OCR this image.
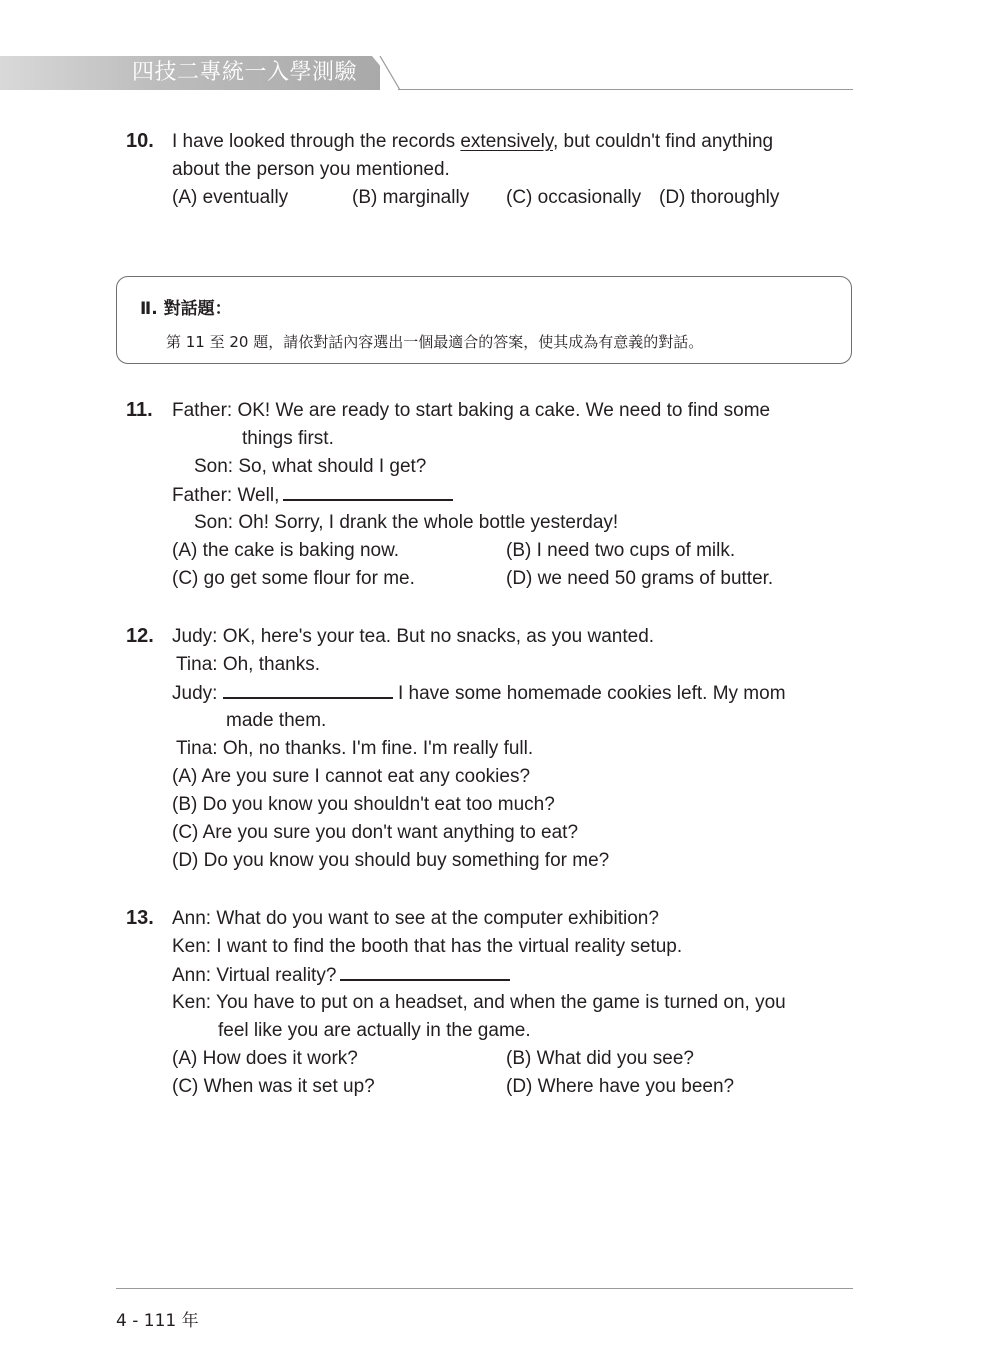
四技二專統一入學測驗
10. I have looked through the records extensively, but couldn't find anything
about the person you mentioned.
(A) eventually	(B) marginally (C) occasionally (D) thoroughly
Ⅱ. 對話題：
第 11 至 20 題，請依對話內容選出一個最適合的答案，使其成為有意義的對話。
11. Father: OK! We are ready to start baking a cake. We need to find some
things first.
Son: So, what should I get?
Father: Well,
Son: Oh! Sorry, I drank the whole bottle yesterday!
(A) the cake is baking now.	(B) I need two cups of milk.
(C) go get some flour for me.	(D) we need 50 grams of butter.
12. Judy: OK, here's your tea. But no snacks, as you wanted.
Tina: Oh, thanks.
Judy:	I have some homemade cookies left. My mom
made them.
Tina: Oh, no thanks. I'm fine. I'm really full.
(A) Are you sure I cannot eat any cookies?
(B) Do you know you shouldn't eat too much?
(C) Are you sure you don't want anything to eat?
(D) Do you know you should buy something for me?
13. Ann: What do you want to see at the computer exhibition?
Ken: I want to find the booth that has the virtual reality setup.
Ann: Virtual reality?
Ken: You have to put on a headset, and when the game is turned on, you
feel like you are actually in the game.
(A) How does it work?	(B) What did you see?
(C) When was it set up?	(D) Where have you been?
4 - 111 年
